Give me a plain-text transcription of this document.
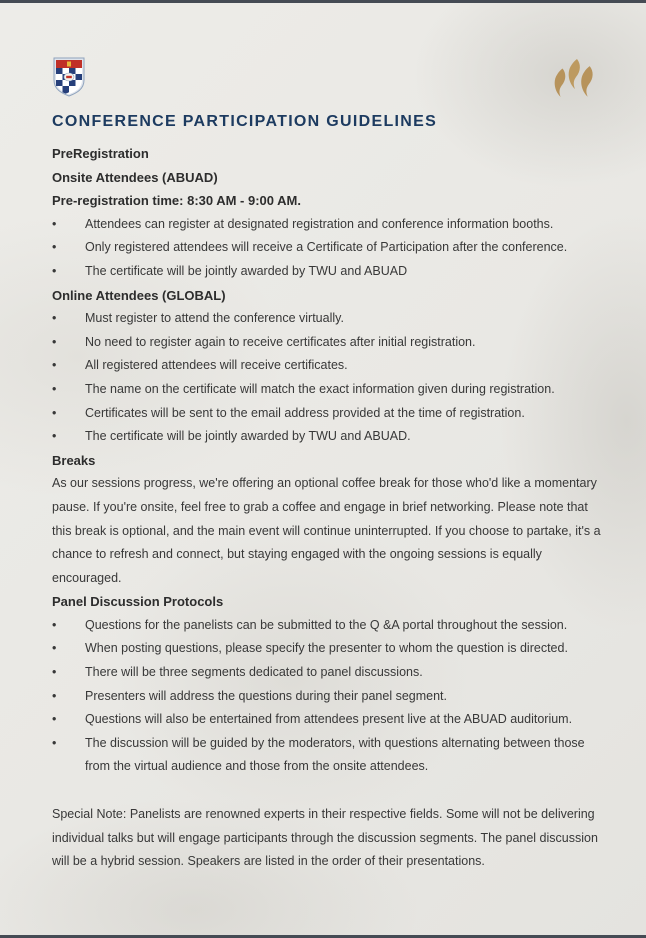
CONFERENCE PARTICIPATION GUIDELINES
PreRegistration
Onsite Attendees (ABUAD)
Pre-registration time: 8:30 AM - 9:00 AM.
•	Attendees can register at designated registration and conference information booths.
•	Only registered attendees will receive a Certificate of Participation after the conference.
•	The certificate will be jointly awarded by TWU and ABUAD
Online Attendees (GLOBAL)
•	Must register to attend the conference virtually.
•	No need to register again to receive certificates after initial registration.
•	All registered attendees will receive certificates.
•	The name on the certificate will match the exact information given during registration.
•	Certificates will be sent to the email address provided at the time of registration.
•	The certificate will be jointly awarded by TWU and ABUAD.
Breaks

As our sessions progress, we're offering an optional coffee break for those who'd like a momentary pause. If you're onsite, feel free to grab a coffee and engage in brief networking. Please note that this break is optional, and the main event will continue uninterrupted. If you choose to partake, it's a chance to refresh and connect, but staying engaged with the ongoing sessions is equally encouraged.

Panel Discussion Protocols
•	Questions for the panelists can be submitted to the Q &A portal throughout the session.
•	When posting questions, please specify the presenter to whom the question is directed.
•	There will be three segments dedicated to panel discussions.
•	Presenters will address the questions during their panel segment.
•	Questions will also be entertained from attendees present live at the ABUAD auditorium.
•	The discussion will be guided by the moderators, with questions alternating between those from the virtual audience and those from the onsite attendees.

Special Note: Panelists are renowned experts in their respective fields. Some will not be delivering individual talks but will engage participants through the discussion segments. The panel discussion will be a hybrid session. Speakers are listed in the order of their presentations.
